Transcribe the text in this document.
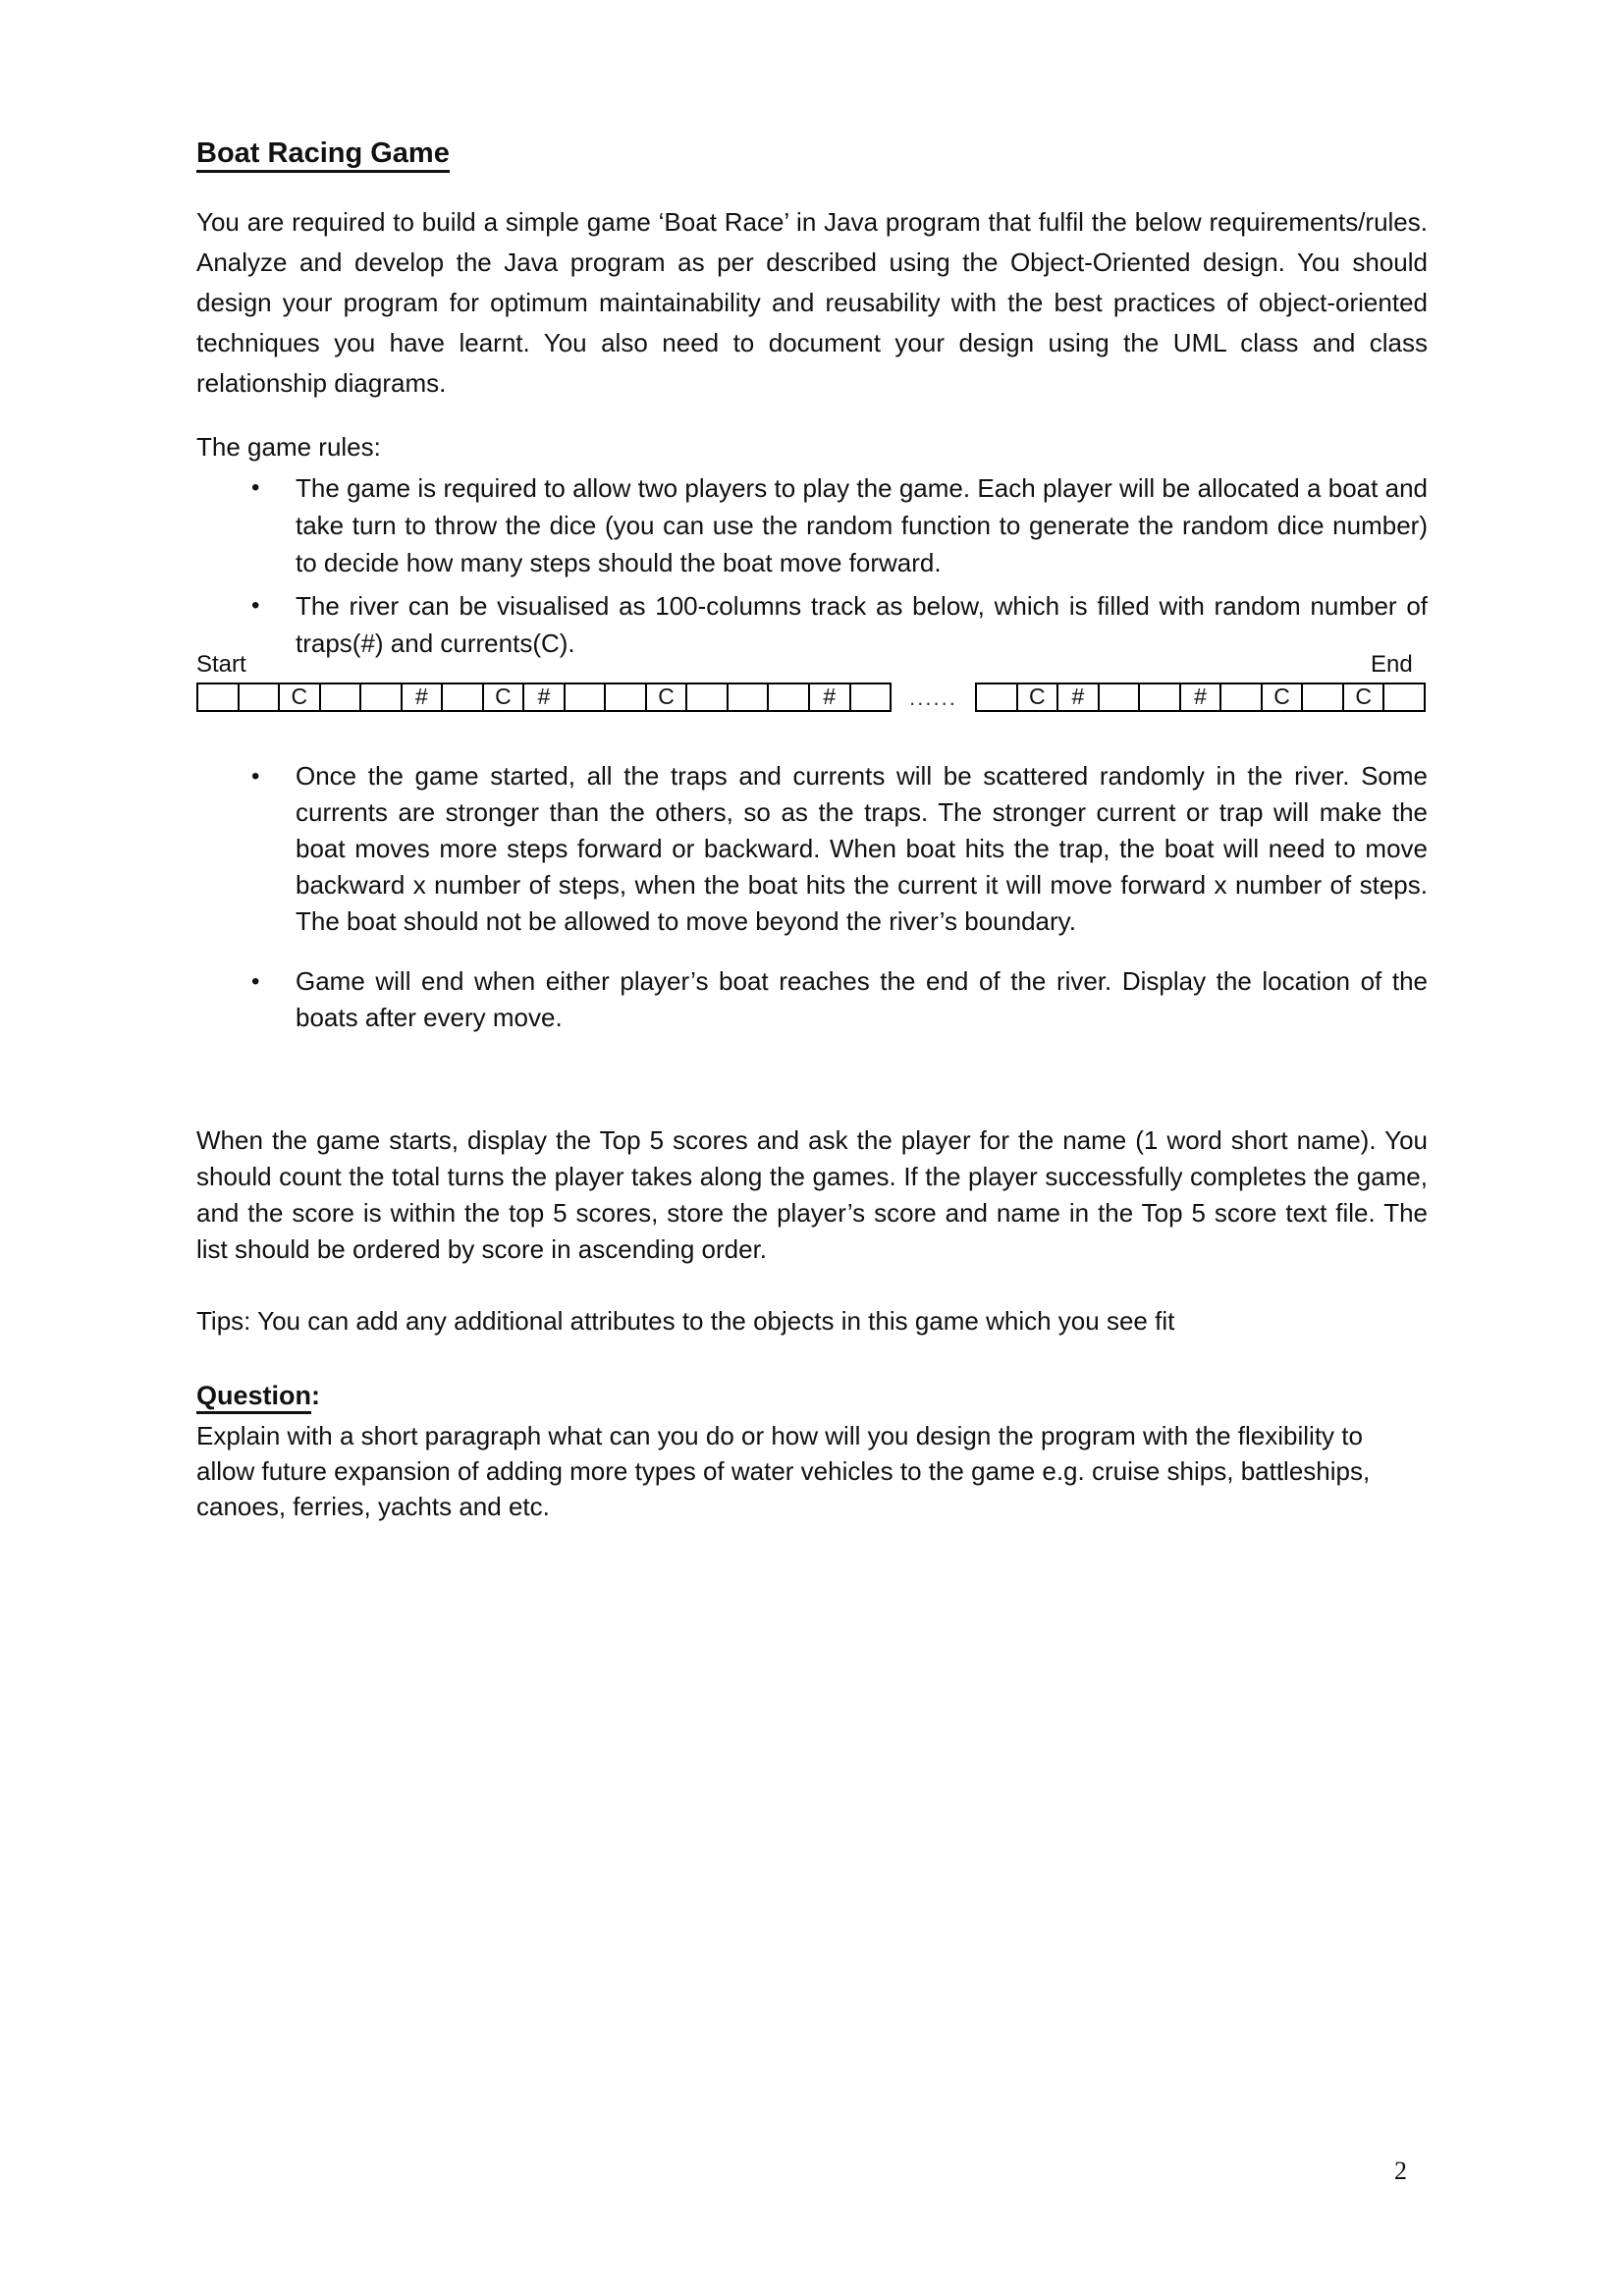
Boat Racing Game
You are required to build a simple game ‘Boat Race’ in Java program that fulfil the below requirements/rules. Analyze and develop the Java program as per described using the Object-Oriented design. You should design your program for optimum maintainability and reusability with the best practices of object-oriented techniques you have learnt. You also need to document your design using the UML class and class relationship diagrams.
The game rules:
• The game is required to allow two players to play the game. Each player will be allocated a boat and take turn to throw the dice (you can use the random function to generate the random dice number) to decide how many steps should the boat move forward.
• The river can be visualised as 100-columns track as below, which is filled with random number of traps(#) and currents(C).
Start	End
C	#	C	#	C	#	......	C	#	#	C	C
• Once the game started, all the traps and currents will be scattered randomly in the river. Some currents are stronger than the others, so as the traps. The stronger current or trap will make the boat moves more steps forward or backward. When boat hits the trap, the boat will need to move backward x number of steps, when the boat hits the current it will move forward x number of steps. The boat should not be allowed to move beyond the river’s boundary.
• Game will end when either player’s boat reaches the end of the river. Display the location of the boats after every move.
When the game starts, display the Top 5 scores and ask the player for the name (1 word short name). You should count the total turns the player takes along the games. If the player successfully completes the game, and the score is within the top 5 scores, store the player’s score and name in the Top 5 score text file. The list should be ordered by score in ascending order.
Tips: You can add any additional attributes to the objects in this game which you see fit
Question:
Explain with a short paragraph what can you do or how will you design the program with the flexibility to allow future expansion of adding more types of water vehicles to the game e.g. cruise ships, battleships, canoes, ferries, yachts and etc.
2
